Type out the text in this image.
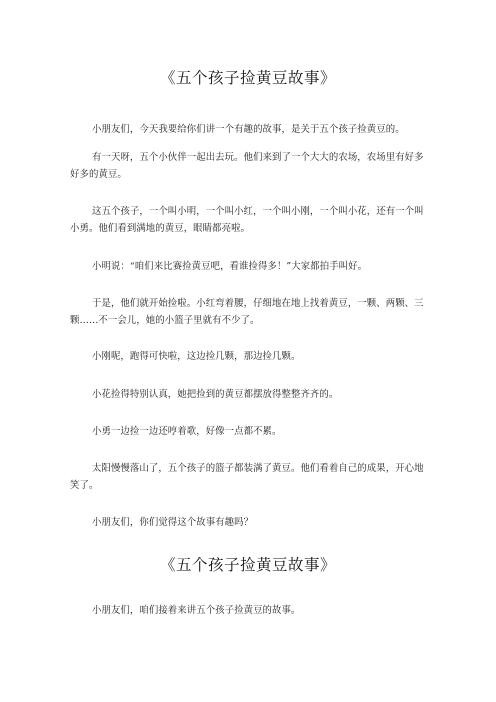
《五个孩子捡黄豆故事》

小朋友们，今天我要给你们讲一个有趣的故事，是关于五个孩子捡黄豆的。

有一天呀，五个小伙伴一起出去玩。他们来到了一个大大的农场，农场里有好多好多的黄豆。

这五个孩子，一个叫小明，一个叫小红，一个叫小刚，一个叫小花，还有一个叫小勇。他们看到满地的黄豆，眼睛都亮啦。

小明说：“咱们来比赛捡黄豆吧，看谁捡得多！”大家都拍手叫好。

于是，他们就开始捡啦。小红弯着腰，仔细地在地上找着黄豆，一颗、两颗、三颗……不一会儿，她的小篮子里就有不少了。

小刚呢，跑得可快啦，这边捡几颗，那边捡几颗。

小花捡得特别认真，她把捡到的黄豆都摆放得整整齐齐的。

小勇一边捡一边还哼着歌，好像一点都不累。

太阳慢慢落山了，五个孩子的篮子都装满了黄豆。他们看着自己的成果，开心地笑了。

小朋友们，你们觉得这个故事有趣吗？

《五个孩子捡黄豆故事》

小朋友们，咱们接着来讲五个孩子捡黄豆的故事。
